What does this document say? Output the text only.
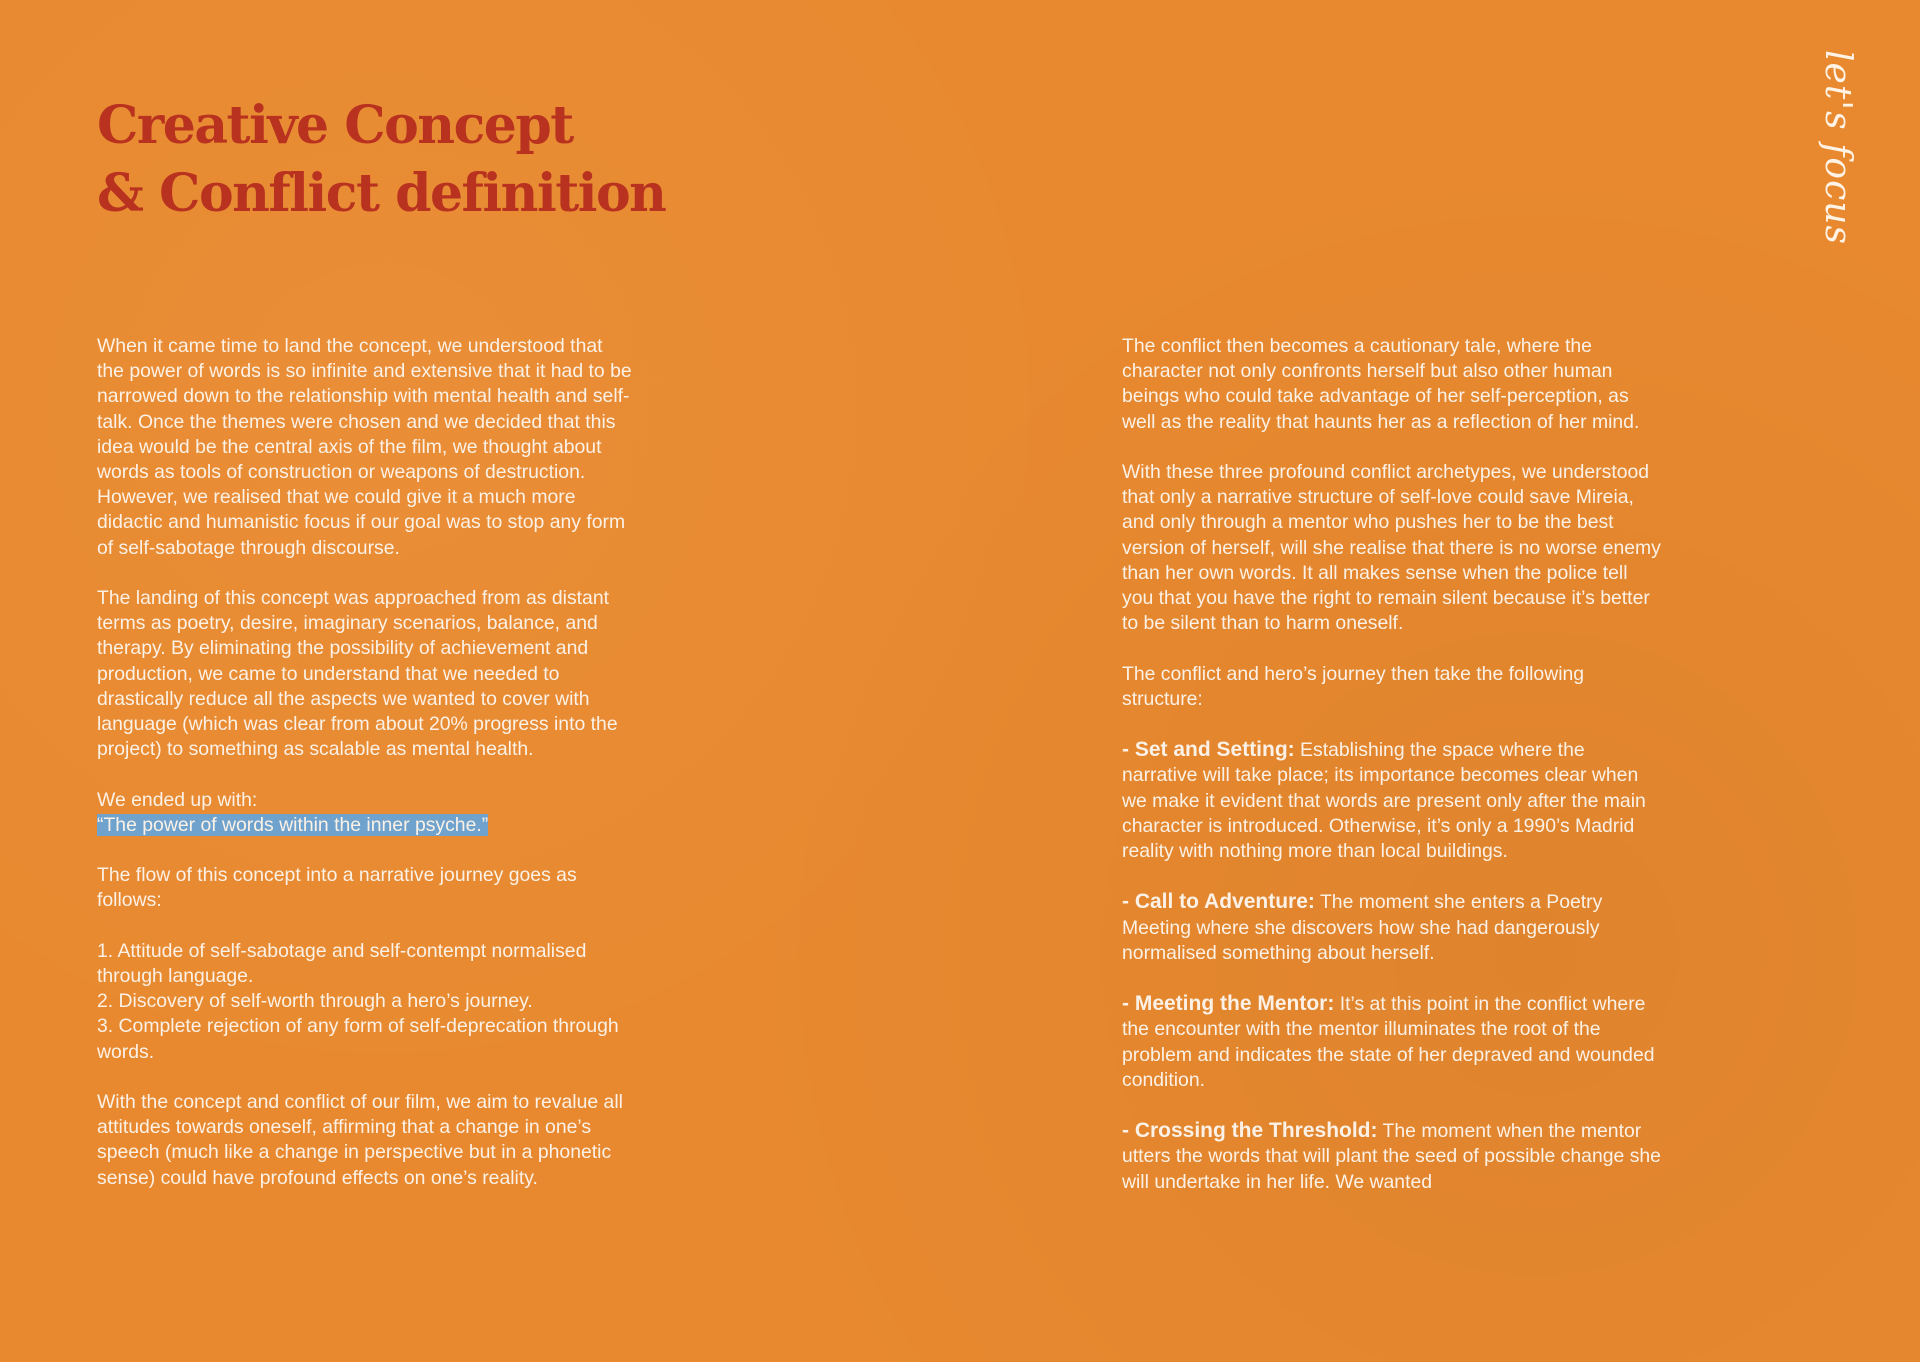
Creative Concept
& Conflict definition	let's focus

When it came time to land the concept, we understood that the power of words is so infinite and extensive that it had to be narrowed down to the relationship with mental health and self-talk. Once the themes were chosen and we decided that this idea would be the central axis of the film, we thought about words as tools of construction or weapons of destruction. However, we realised that we could give it a much more didactic and humanistic focus if our goal was to stop any form of self-sabotage through discourse.

The landing of this concept was approached from as distant terms as poetry, desire, imaginary scenarios, balance, and therapy. By eliminating the possibility of achievement and production, we came to understand that we needed to drastically reduce all the aspects we wanted to cover with language (which was clear from about 20% progress into the project) to something as scalable as mental health.

We ended up with:

“The power of words within the inner psyche.”

The flow of this concept into a narrative journey goes as follows:

1. Attitude of self-sabotage and self-contempt normalised through language.

2. Discovery of self-worth through a hero’s journey.

3. Complete rejection of any form of self-deprecation through words.

With the concept and conflict of our film, we aim to revalue all attitudes towards oneself, affirming that a change in one’s speech (much like a change in perspective but in a phonetic sense) could have profound effects on one’s reality.

The conflict then becomes a cautionary tale, where the character not only confronts herself but also other human beings who could take advantage of her self-perception, as well as the reality that haunts her as a reflection of her mind.

With these three profound conflict archetypes, we understood that only a narrative structure of self-love could save Mireia, and only through a mentor who pushes her to be the best version of herself, will she realise that there is no worse enemy than her own words. It all makes sense when the police tell you that you have the right to remain silent because it’s better to be silent than to harm oneself.

The conflict and hero’s journey then take the following structure:

- Set and Setting: Establishing the space where the narrative will take place; its importance becomes clear when we make it evident that words are present only after the main character is introduced. Otherwise, it’s only a 1990’s Madrid reality with nothing more than local buildings.

- Call to Adventure: The moment she enters a Poetry Meeting where she discovers how she had dangerously normalised something about herself.

- Meeting the Mentor: It’s at this point in the conflict where the encounter with the mentor illuminates the root of the problem and indicates the state of her depraved and wounded condition.

- Crossing the Threshold: The moment when the mentor utters the words that will plant the seed of possible change she will undertake in her life. We wanted
